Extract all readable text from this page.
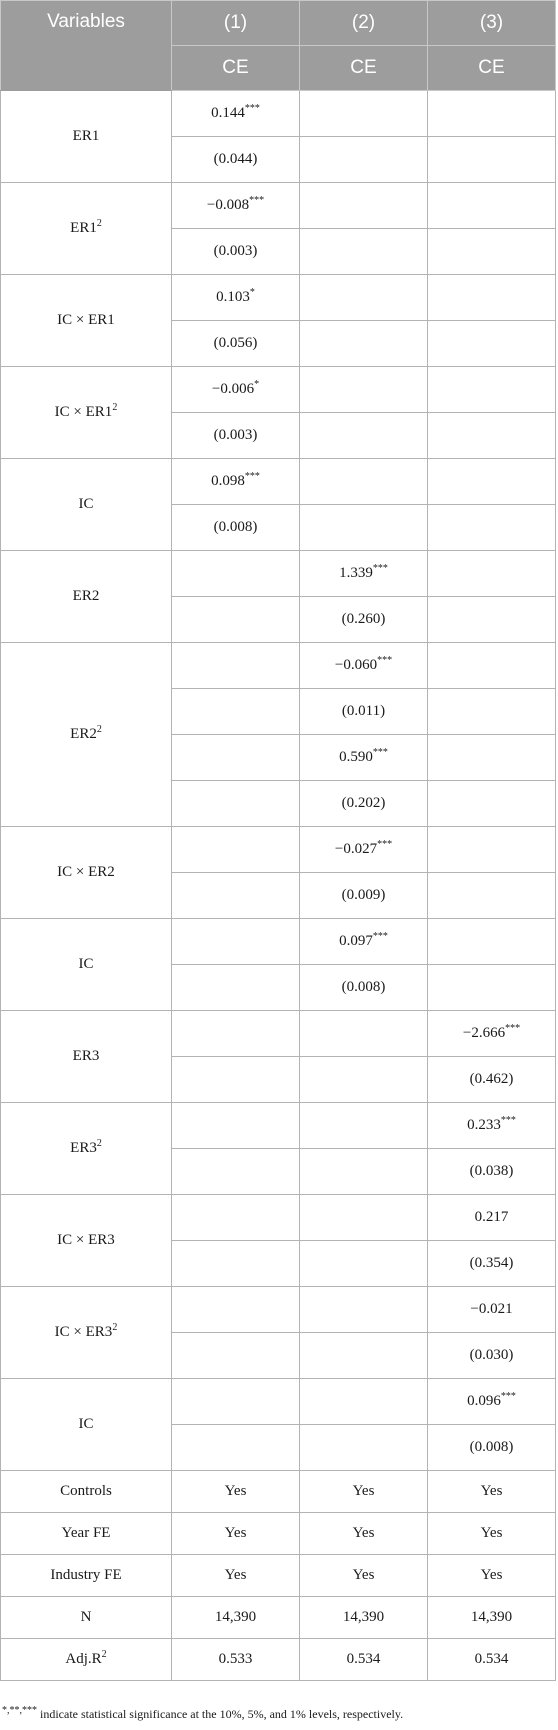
Variables	(1)	(2)	(3)
	CE	CE	CE
ER1	0.144***		
	(0.044)		
$ER1^2$	−0.008***		
	(0.003)		
IC × ER1	0.103*		
	(0.056)		
IC × $ER1^2$	−0.006*		
	(0.003)		
IC	0.098***		
	(0.008)		
ER2		1.339***	
		(0.260)	
$ER2^2$		−0.060***	
		(0.011)	
		0.590***	
		(0.202)	
IC × ER2		−0.027***	
		(0.009)	
IC		0.097***	
		(0.008)	
ER3			−2.666***
			(0.462)
$ER3^2$			0.233***
			(0.038)
IC × ER3			0.217
			(0.354)
IC × $ER3^2$			−0.021
			(0.030)
IC			0.096***
			(0.008)
Controls	Yes	Yes	Yes
Year FE	Yes	Yes	Yes
Industry FE	Yes	Yes	Yes
N	14,390	14,390	14,390
$Adj.R^2$	0.533	0.534	0.534
*,**,*** indicate statistical significance at the 10%, 5%, and 1% levels, respectively.
